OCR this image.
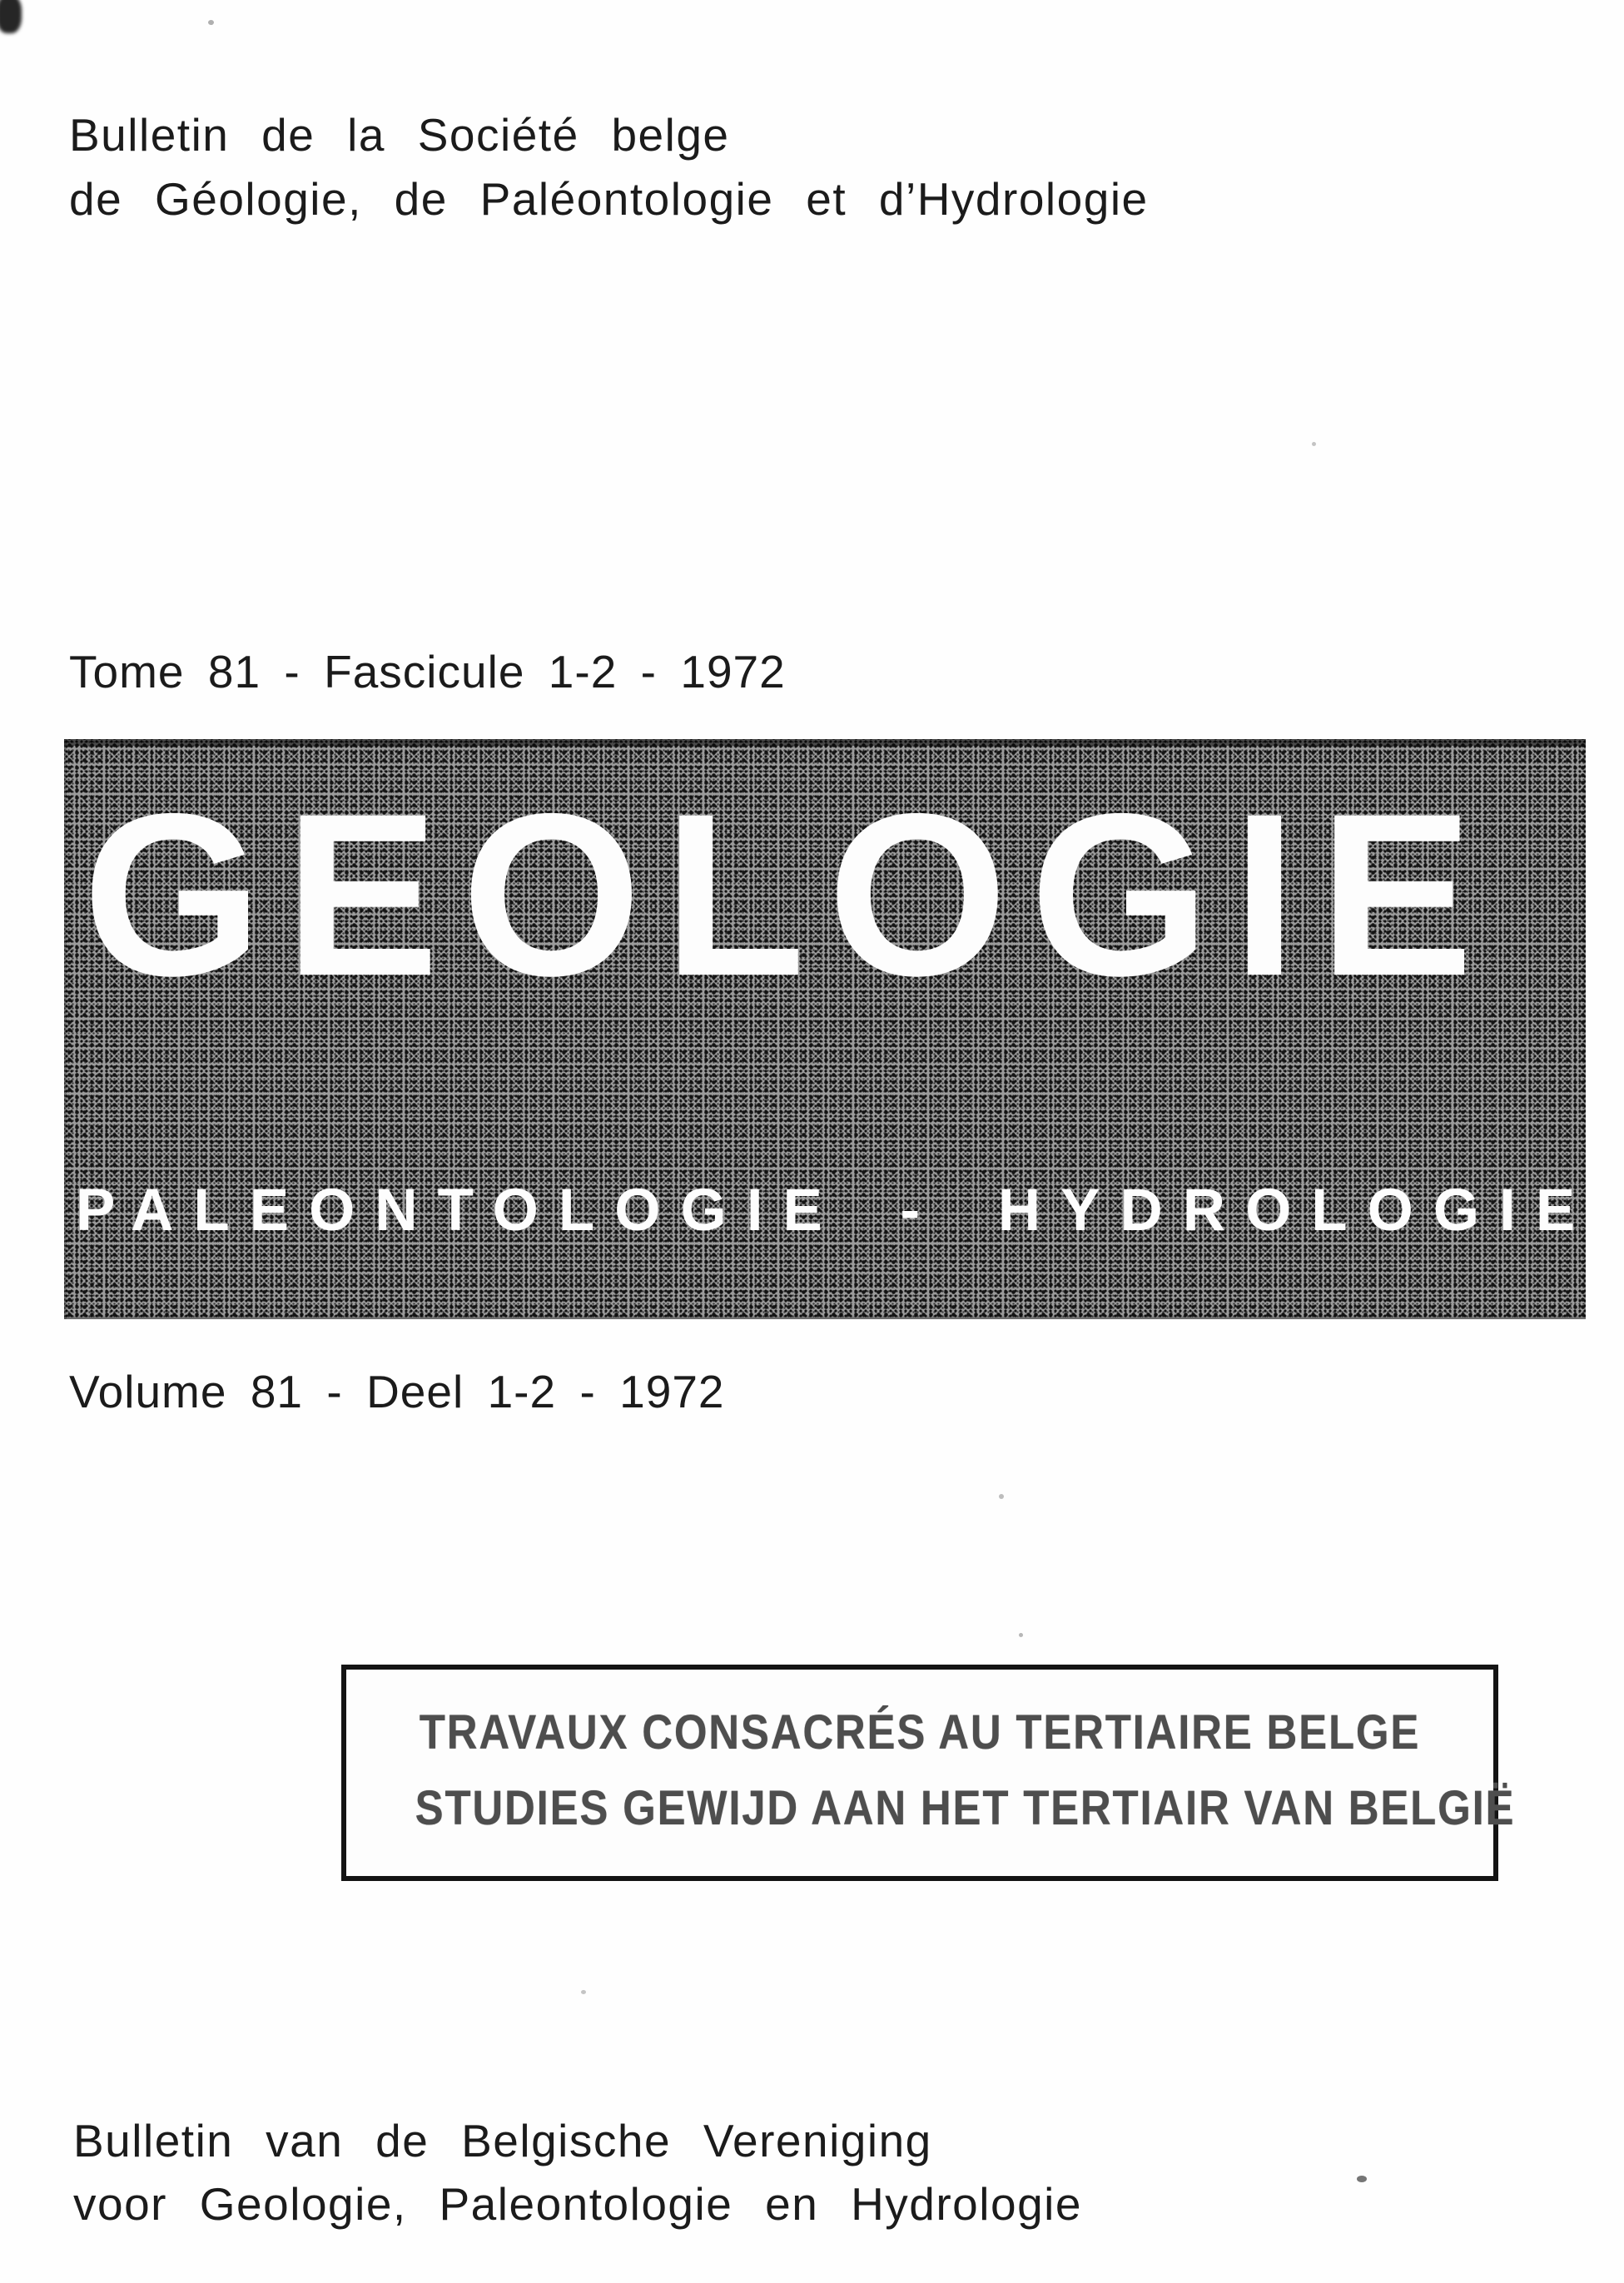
Bulletin de la Société belge
de Géologie, de Paléontologie et d’Hydrologie
Tome 81 - Fascicule 1-2 - 1972
G E O L O G I E
PALEONTOLOGIE - HYDROLOGIE
Volume 81 - Deel 1-2 - 1972
TRAVAUX CONSACRÉS AU TERTIAIRE BELGE
STUDIES GEWIJD AAN HET TERTIAIR VAN BELGIË
Bulletin van de Belgische Vereniging
voor Geologie, Paleontologie en Hydrologie
